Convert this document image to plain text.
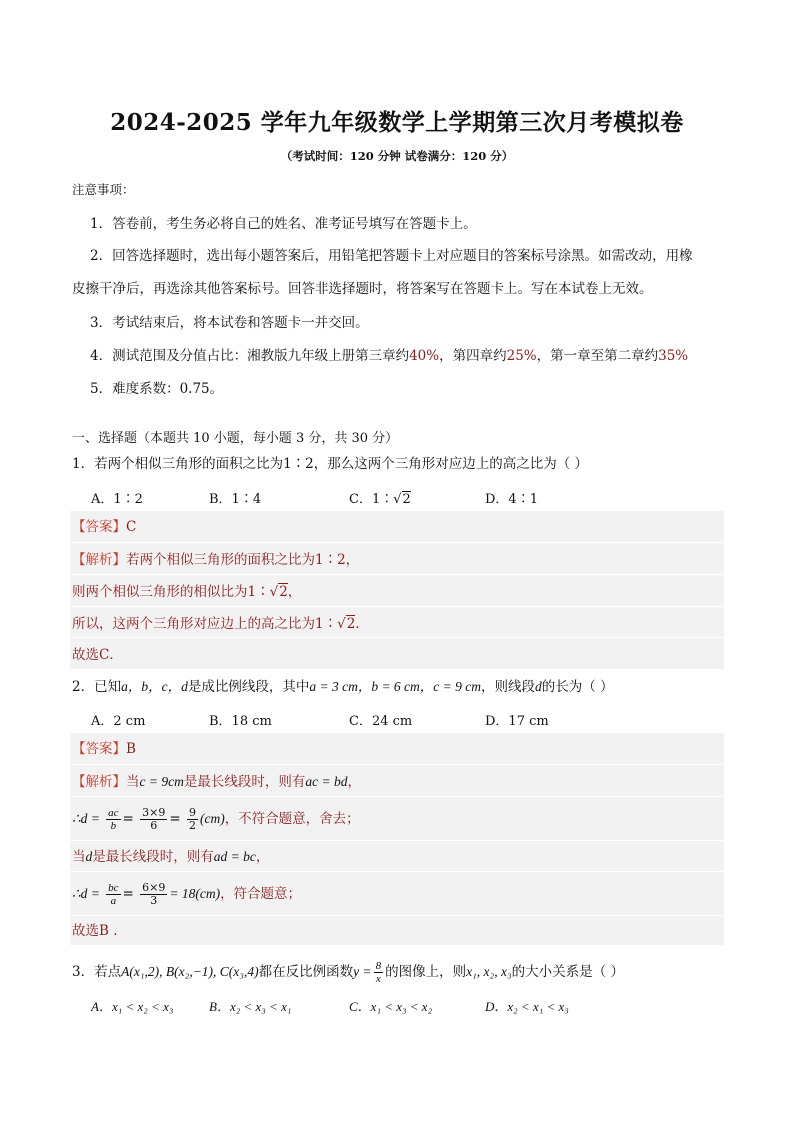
2024-2025 学年九年级数学上学期第三次月考模拟卷
（考试时间：120 分钟 试卷满分：120 分）
注意事项：
1．答卷前，考生务必将自己的姓名、准考证号填写在答题卡上。
2．回答选择题时，选出每小题答案后，用铅笔把答题卡上对应题目的答案标号涂黑。如需改动，用橡
皮擦干净后，再选涂其他答案标号。回答非选择题时，将答案写在答题卡上。写在本试卷上无效。
3．考试结束后，将本试卷和答题卡一并交回。
4．测试范围及分值占比：湘教版九年级上册第三章约40%，第四章约25%，第一章至第二章约35%
5．难度系数：0.75。
一、选择题（本题共 10 小题，每小题 3 分，共 30 分）
1．若两个相似三角形的面积之比为1∶2，那么这两个三角形对应边上的高之比为（ ）
A．1∶2	B．1∶4	C．1∶√2	D．4∶1
【答案】C
【解析】若两个相似三角形的面积之比为1∶2，
则两个相似三角形的相似比为1∶√2，
所以，这两个三角形对应边上的高之比为1∶√2.
故选C．
2．已知a，b，c，d是成比例线段，其中a = 3 cm，b = 6 cm，c = 9 cm，则线段d的长为（ ）
A．2 cm	B．18 cm	C．24 cm	D．17 cm
【答案】B
【解析】当c = 9cm是最长线段时，则有ac = bd，
∴d = $\frac{ac}{b} = \frac{3\times 9}{6} = \frac{9}{2} (cm)$，不符合题意，舍去；
当d是最长线段时，则有ad = bc，
∴d = $\frac{bc}{a} = \frac{6\times 9}{3} = 18(cm)$，符合题意；
故选B .
3．若点A(x₁,2), B(x₂,−1), C(x₃,4)都在反比例函数$y = \frac{8}{x}$ 的图像上，则x₁, x₂, x₃的大小关系是（ ）
A．x₁ < x₂ < x₃	B．x₂ < x₃ < x₁	C．x₁ < x₃ < x₂	D．x₂ < x₁ < x₃
